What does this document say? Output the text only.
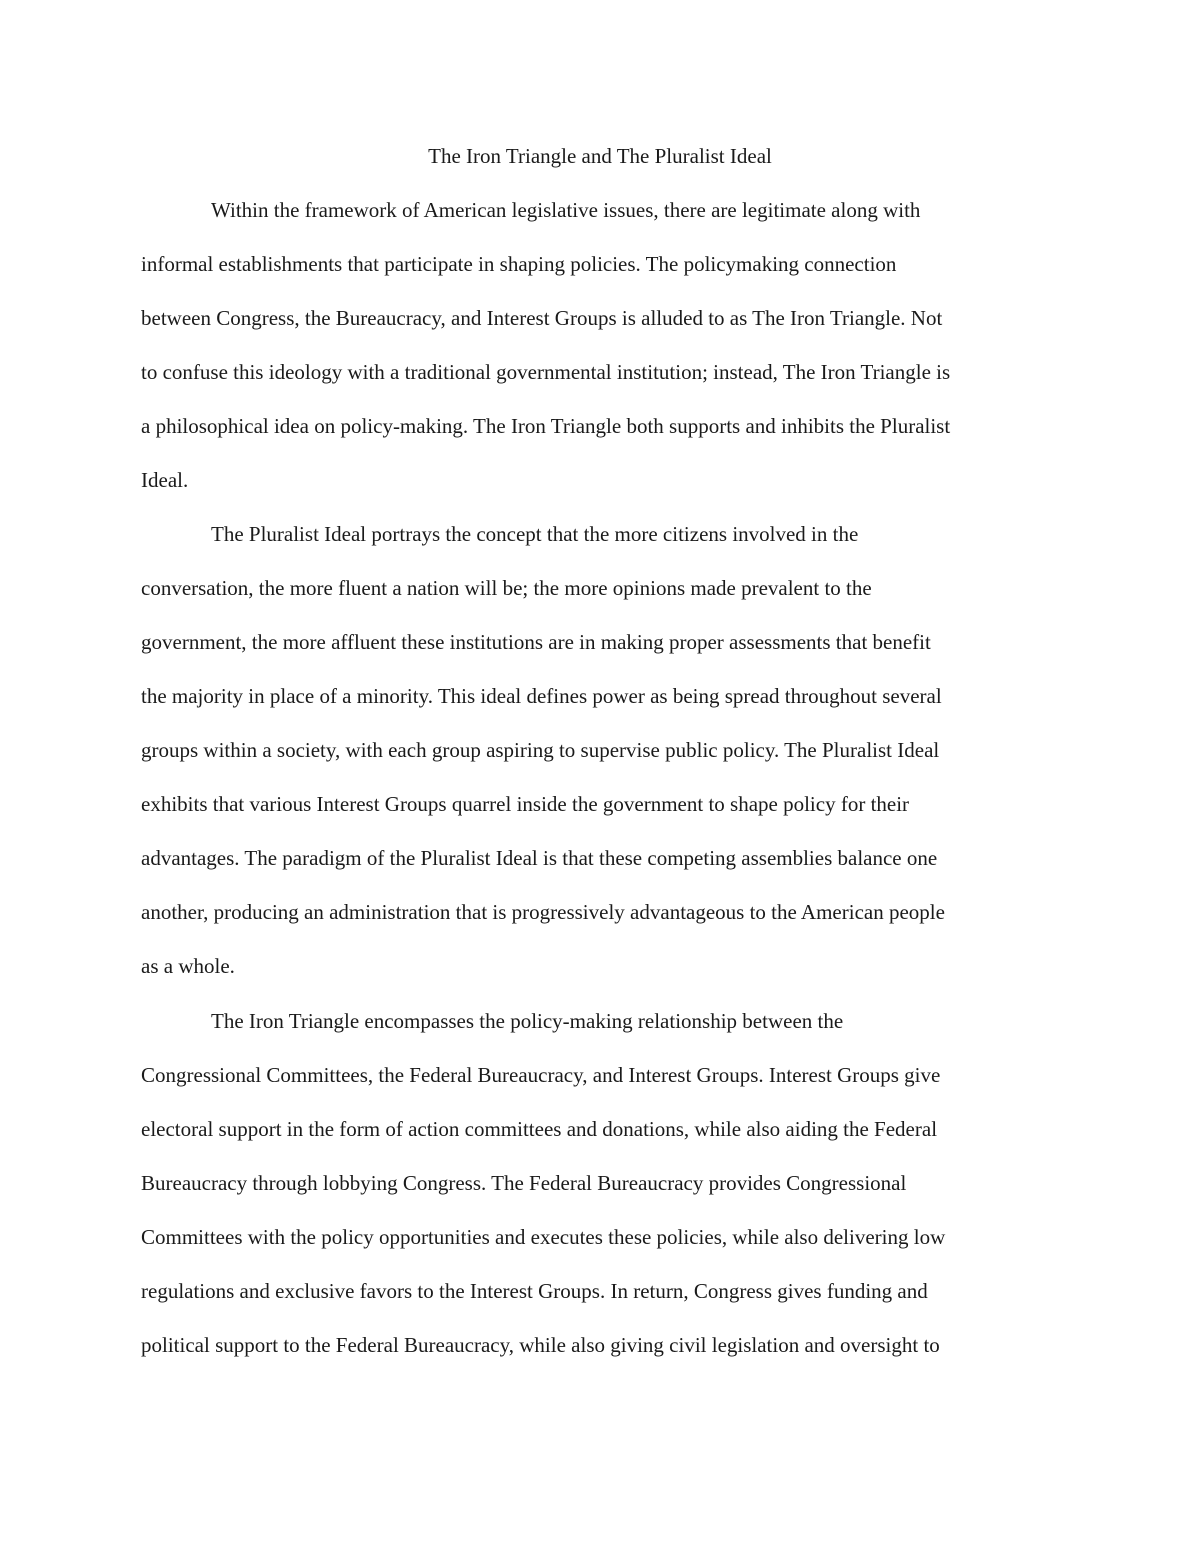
The Iron Triangle and The Pluralist Ideal
Within the framework of American legislative issues, there are legitimate along with
informal establishments that participate in shaping policies. The policymaking connection
between Congress, the Bureaucracy, and Interest Groups is alluded to as The Iron Triangle. Not
to confuse this ideology with a traditional governmental institution; instead, The Iron Triangle is
a philosophical idea on policy-making. The Iron Triangle both supports and inhibits the Pluralist
Ideal.
The Pluralist Ideal portrays the concept that the more citizens involved in the
conversation, the more fluent a nation will be; the more opinions made prevalent to the
government, the more affluent these institutions are in making proper assessments that benefit
the majority in place of a minority. This ideal defines power as being spread throughout several
groups within a society, with each group aspiring to supervise public policy. The Pluralist Ideal
exhibits that various Interest Groups quarrel inside the government to shape policy for their
advantages. The paradigm of the Pluralist Ideal is that these competing assemblies balance one
another, producing an administration that is progressively advantageous to the American people
as a whole.
The Iron Triangle encompasses the policy-making relationship between the
Congressional Committees, the Federal Bureaucracy, and Interest Groups. Interest Groups give
electoral support in the form of action committees and donations, while also aiding the Federal
Bureaucracy through lobbying Congress. The Federal Bureaucracy provides Congressional
Committees with the policy opportunities and executes these policies, while also delivering low
regulations and exclusive favors to the Interest Groups. In return, Congress gives funding and
political support to the Federal Bureaucracy, while also giving civil legislation and oversight to
